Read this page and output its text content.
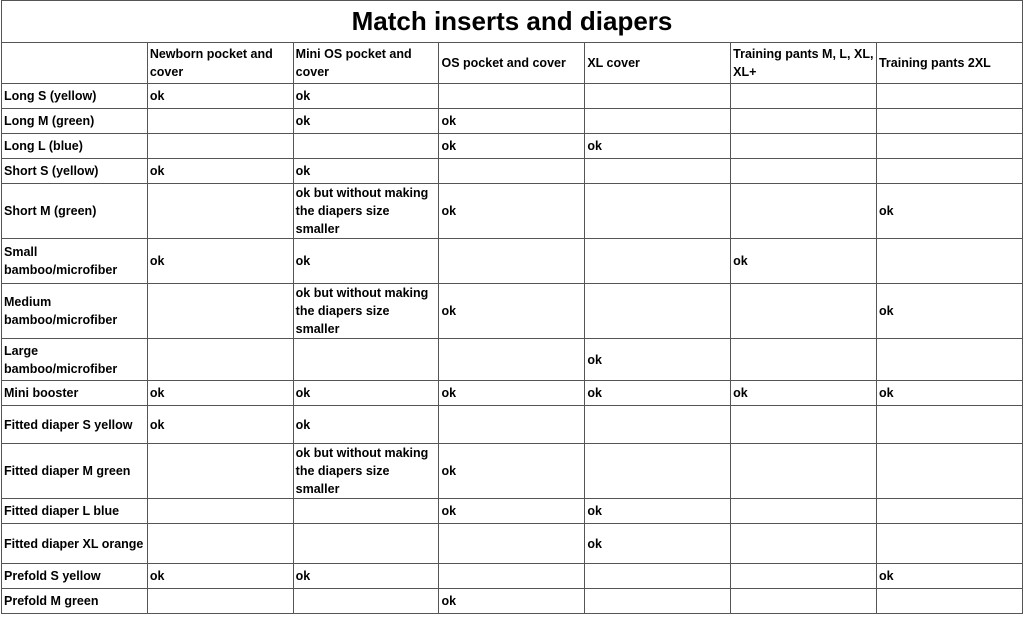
Match inserts and diapers						
	Newborn pocket and cover	Mini OS pocket and cover	OS pocket and cover	XL cover	Training pants M, L, XL, XL+	Training pants 2XL
Long S (yellow)	ok	ok				
Long M (green)		ok	ok			
Long L (blue)			ok	ok		
Short S (yellow)	ok	ok				
Short M (green)		ok but without making the diapers size smaller	ok			ok
Small bamboo/microfiber	ok	ok			ok	
Medium bamboo/microfiber		ok but without making the diapers size smaller	ok			ok
Large bamboo/microfiber				ok		
Mini booster	ok	ok	ok	ok	ok	ok
Fitted diaper S yellow	ok	ok				
Fitted diaper M green		ok but without making the diapers size smaller	ok			
Fitted diaper L blue			ok	ok		
Fitted diaper XL orange				ok		
Prefold S yellow	ok	ok				ok
Prefold M green			ok			
